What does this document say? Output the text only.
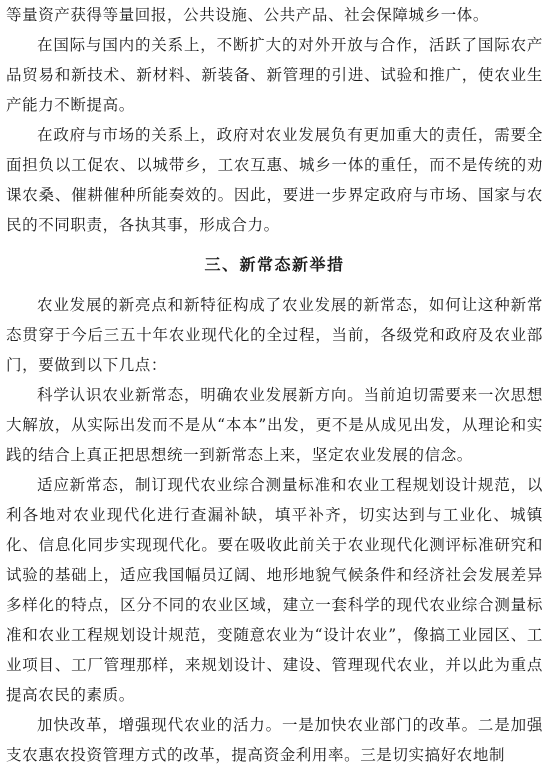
等量资产获得等量回报，公共设施、公共产品、社会保障城乡一体。

在国际与国内的关系上，不断扩大的对外开放与合作，活跃了国际农产品贸易和新技术、新材料、新装备、新管理的引进、试验和推广，使农业生产能力不断提高。

在政府与市场的关系上，政府对农业发展负有更加重大的责任，需要全面担负以工促农、以城带乡，工农互惠、城乡一体的重任，而不是传统的劝课农桑、催耕催种所能奏效的。因此，要进一步界定政府与市场、国家与农民的不同职责，各执其事，形成合力。

三、新常态新举措

农业发展的新亮点和新特征构成了农业发展的新常态，如何让这种新常态贯穿于今后三五十年农业现代化的全过程，当前，各级党和政府及农业部门，要做到以下几点：

科学认识农业新常态，明确农业发展新方向。当前迫切需要来一次思想大解放，从实际出发而不是从“本本”出发，更不是从成见出发，从理论和实践的结合上真正把思想统一到新常态上来，坚定农业发展的信念。

适应新常态，制订现代农业综合测量标准和农业工程规划设计规范，以利各地对农业现代化进行查漏补缺，填平补齐，切实达到与工业化、城镇化、信息化同步实现现代化。要在吸收此前关于农业现代化测评标准研究和试验的基础上，适应我国幅员辽阔、地形地貌气候条件和经济社会发展差异多样化的特点，区分不同的农业区域，建立一套科学的现代农业综合测量标准和农业工程规划设计规范，变随意农业为“设计农业”，像搞工业园区、工业项目、工厂管理那样，来规划设计、建设、管理现代农业，并以此为重点提高农民的素质。

加快改革，增强现代农业的活力。一是加快农业部门的改革。二是加强支农惠农投资管理方式的改革，提高资金利用率。三是切实搞好农地制
